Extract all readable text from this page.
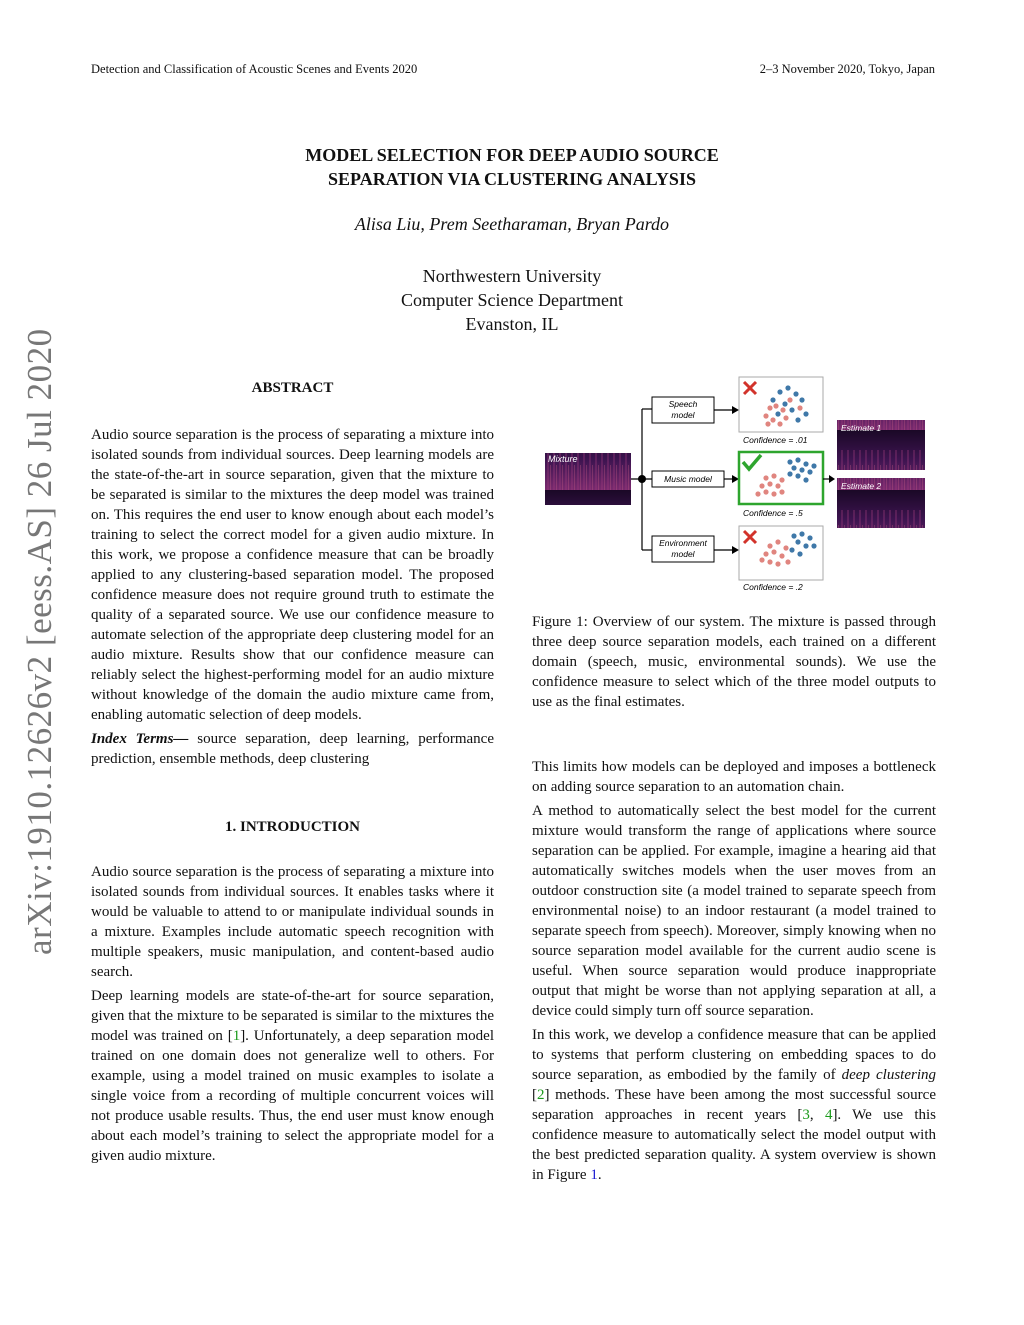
Detection and Classification of Acoustic Scenes and Events 2020	2–3 November 2020, Tokyo, Japan
MODEL SELECTION FOR DEEP AUDIO SOURCE
SEPARATION VIA CLUSTERING ANALYSIS
Alisa Liu, Prem Seetharaman, Bryan Pardo
Northwestern University
Computer Science Department
Evanston, IL
arXiv:1910.12626v2 [eess.AS] 26 Jul 2020	ABSTRACT

Audio source separation is the process of separating a mixture into isolated sounds from individual sources. Deep learning models are the state-of-the-art in source separation, given that the mixture to be separated is similar to the mixtures the deep model was trained on. This requires the end user to know enough about each model’s training to select the correct model for a given audio mixture. In this work, we propose a confidence measure that can be broadly applied to any clustering-based separation model. The proposed confidence measure does not require ground truth to estimate the quality of a separated source. We use our confidence measure to automate selection of the appropriate deep clustering model for an audio mixture. Results show that our confidence measure can reliably select the highest-performing model for an audio mixture without knowledge of the domain the audio mixture came from, enabling automatic selection of deep models.

Index Terms— source separation, deep learning, performance prediction, ensemble methods, deep clustering

1. INTRODUCTION

Audio source separation is the process of separating a mixture into isolated sounds from individual sources. It enables tasks where it would be valuable to attend to or manipulate individual sounds in a mixture. Examples include automatic speech recognition with multiple speakers, music manipulation, and content-based audio search.

Deep learning models are state-of-the-art for source separation, given that the mixture to be separated is similar to the mixtures the model was trained on [1]. Unfortunately, a deep separation model trained on one domain does not generalize well to others. For example, using a model trained on music examples to isolate a single voice from a recording of multiple concurrent voices will not produce usable results. Thus, the end user must know enough about each model’s training to select the appropriate model for a given audio mixture.

Mixture
Speech
model
Music model
Environment
model
Confidence = .01
Confidence = .5
Confidence = .2
Estimate 1
Estimate 2

Figure 1: Overview of our system. The mixture is passed through three deep source separation models, each trained on a different domain (speech, music, environmental sounds). We use the confidence measure to select which of the three model outputs to use as the final estimates.

This limits how models can be deployed and imposes a bottleneck on adding source separation to an automation chain.

A method to automatically select the best model for the current mixture would transform the range of applications where source separation can be applied. For example, imagine a hearing aid that automatically switches models when the user moves from an outdoor construction site (a model trained to separate speech from environmental noise) to an indoor restaurant (a model trained to separate speech from speech). Moreover, simply knowing when no source separation model available for the current audio scene is useful. When source separation would produce inappropriate output that might be worse than not applying separation at all, a device could simply turn off source separation.

In this work, we develop a confidence measure that can be applied to systems that perform clustering on embedding spaces to do source separation, as embodied by the family of deep clustering [2] methods. These have been among the most successful source separation approaches in recent years [3, 4]. We use this confidence measure to automatically select the model output with the best predicted separation quality. A system overview is shown in Figure 1.
